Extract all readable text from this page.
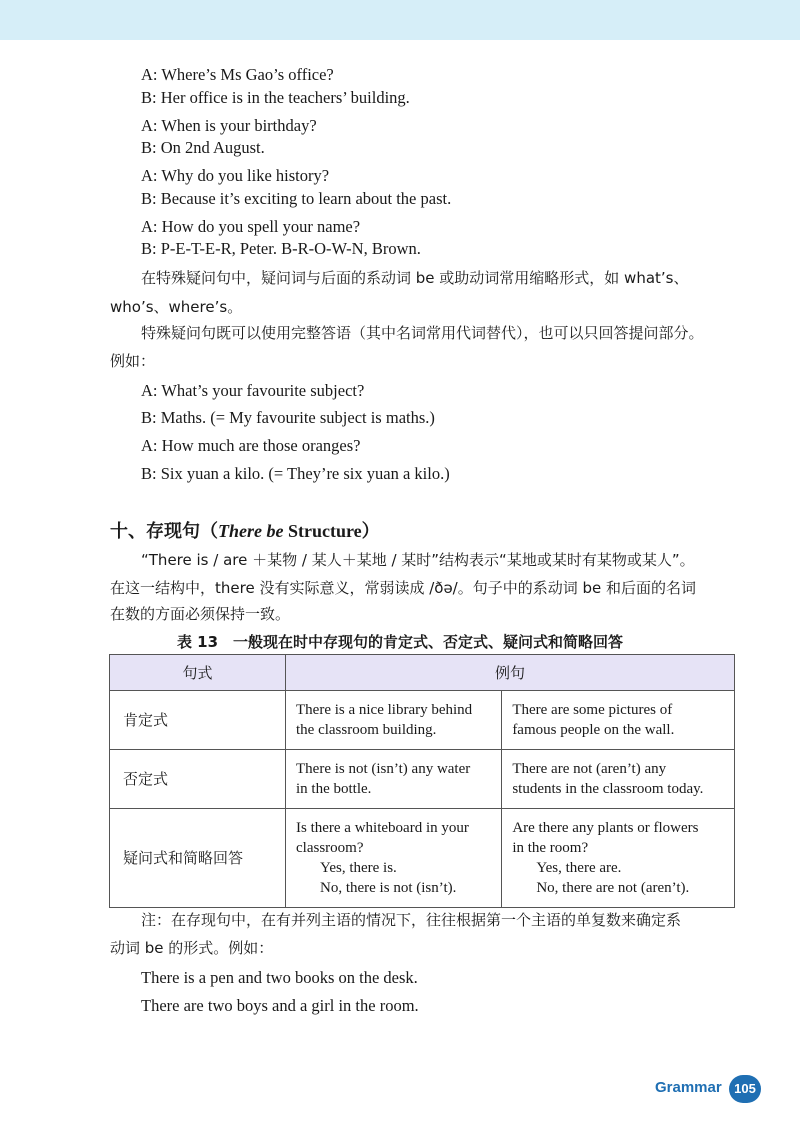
A: Where’s Ms Gao’s office?
B: Her office is in the teachers’ building.
A: When is your birthday?
B: On 2nd August.
A: Why do you like history?
B: Because it’s exciting to learn about the past.
A: How do you spell your name?
B: P-E-T-E-R, Peter. B-R-O-W-N, Brown.
在特殊疑问句中，疑问词与后面的系动词 be 或助动词常用缩略形式，如 what’s、
who’s、where’s。
特殊疑问句既可以使用完整答语（其中名词常用代词替代），也可以只回答提问部分。
例如：
A: What’s your favourite subject?
B: Maths. (= My favourite subject is maths.)
A: How much are those oranges?
B: Six yuan a kilo. (= They’re six yuan a kilo.)
十、存现句（There be Structure）
“There is / are ＋某物 / 某人＋某地 / 某时”结构表示“某地或某时有某物或某人”。
在这一结构中，there 没有实际意义，常弱读成 /ðə/。句子中的系动词 be 和后面的名词
在数的方面必须保持一致。
表 13　一般现在时中存现句的肯定式、否定式、疑问式和简略回答
句式	例句	
肯定式	There is a nice library behind
the classroom building.	There are some pictures of
famous people on the wall.
否定式	There is not (isn’t) any water
in the bottle.	There are not (aren’t) any
students in the classroom today.
疑问式和简略回答	Is there a whiteboard in your
classroom?
Yes, there is.
No, there is not (isn’t).	Are there any plants or flowers
in the room?
Yes, there are.
No, there are not (aren’t).
注：在存现句中，在有并列主语的情况下，往往根据第一个主语的单复数来确定系
动词 be 的形式。例如：
There is a pen and two books on the desk.
There are two boys and a girl in the room.
Grammar 105
